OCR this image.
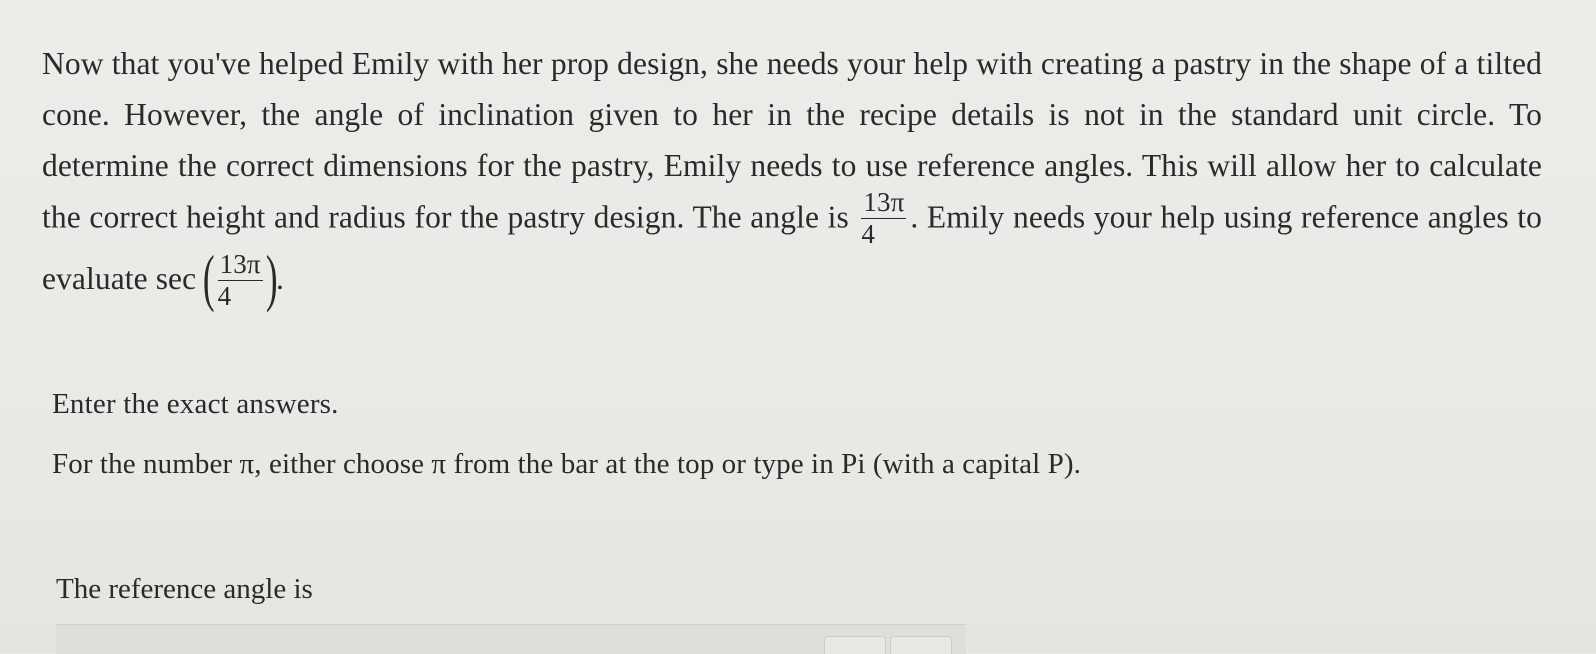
Now that you've helped Emily with her prop design, she needs your help with creating a pastry in the shape of a tilted cone. However, the angle of inclination given to her in the recipe details is not in the standard unit circle. To determine the correct dimensions for the pastry, Emily needs to use reference angles. This will allow her to calculate the correct height and radius for the pastry design. The angle is $\frac{13\pi}{4}$ . Emily needs your help using reference angles to evaluate sec ( $\frac{13\pi}{4}$ ).

Enter the exact answers.
For the number π, either choose π from the bar at the top or type in Pi (with a capital P).
The reference angle is
